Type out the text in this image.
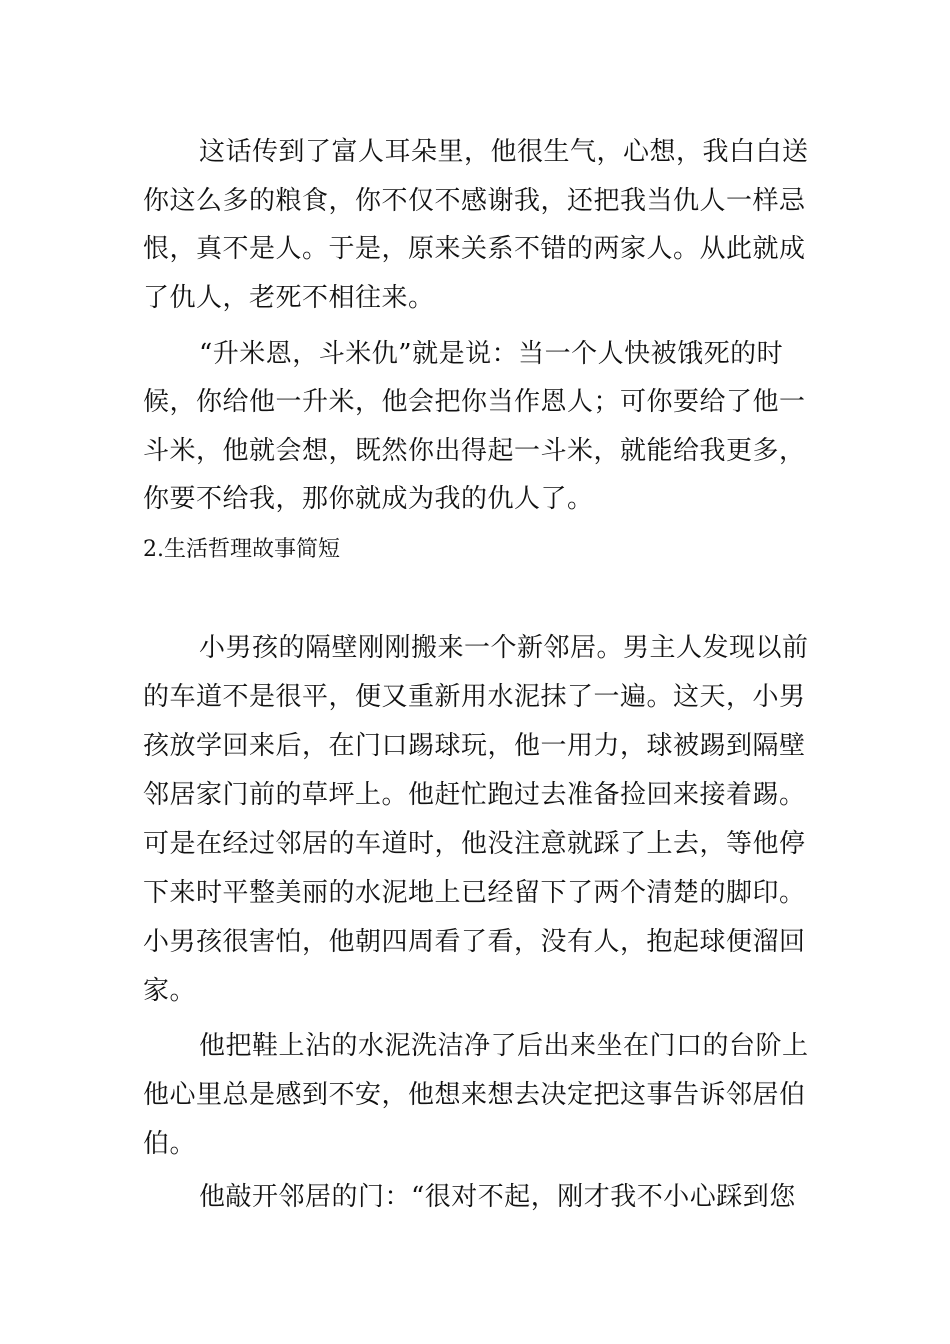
这话传到了富人耳朵里，他很生气，心想，我白白送
你这么多的粮食，你不仅不感谢我，还把我当仇人一样忌
恨，真不是人。于是，原来关系不错的两家人。从此就成
了仇人，老死不相往来。
“升米恩，斗米仇”就是说：当一个人快被饿死的时
候，你给他一升米，他会把你当作恩人；可你要给了他一
斗米，他就会想，既然你出得起一斗米，就能给我更多，
你要不给我，那你就成为我的仇人了。
2.生活哲理故事简短
小男孩的隔壁刚刚搬来一个新邻居。男主人发现以前
的车道不是很平，便又重新用水泥抹了一遍。这天，小男
孩放学回来后，在门口踢球玩，他一用力，球被踢到隔壁
邻居家门前的草坪上。他赶忙跑过去准备捡回来接着踢。
可是在经过邻居的车道时，他没注意就踩了上去，等他停
下来时平整美丽的水泥地上已经留下了两个清楚的脚印。
小男孩很害怕，他朝四周看了看，没有人，抱起球便溜回
家。
他把鞋上沾的水泥洗洁净了后出来坐在门口的台阶上
他心里总是感到不安，他想来想去决定把这事告诉邻居伯
伯。
他敲开邻居的门：“很对不起，刚才我不小心踩到您
